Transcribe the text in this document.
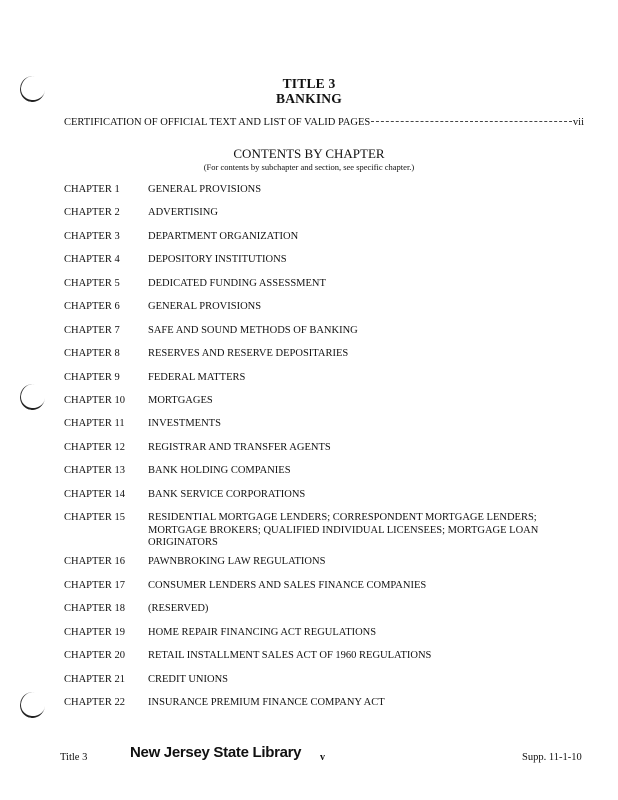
TITLE 3
BANKING
CERTIFICATION OF OFFICIAL TEXT AND LIST OF VALID PAGES	vii
CONTENTS BY CHAPTER
(For contents by subchapter and section, see specific chapter.)
CHAPTER 1	GENERAL PROVISIONS
CHAPTER 2	ADVERTISING
CHAPTER 3	DEPARTMENT ORGANIZATION
CHAPTER 4	DEPOSITORY INSTITUTIONS
CHAPTER 5	DEDICATED FUNDING ASSESSMENT
CHAPTER 6	GENERAL PROVISIONS
CHAPTER 7	SAFE AND SOUND METHODS OF BANKING
CHAPTER 8	RESERVES AND RESERVE DEPOSITARIES
CHAPTER 9	FEDERAL MATTERS
CHAPTER 10	MORTGAGES
CHAPTER 11	INVESTMENTS
CHAPTER 12	REGISTRAR AND TRANSFER AGENTS
CHAPTER 13	BANK HOLDING COMPANIES
CHAPTER 14	BANK SERVICE CORPORATIONS
CHAPTER 15	RESIDENTIAL MORTGAGE LENDERS; CORRESPONDENT MORTGAGE LENDERS; MORTGAGE BROKERS; QUALIFIED INDIVIDUAL LICENSEES; MORTGAGE LOAN ORIGINATORS
CHAPTER 16	PAWNBROKING LAW REGULATIONS
CHAPTER 17	CONSUMER LENDERS AND SALES FINANCE COMPANIES
CHAPTER 18	(RESERVED)
CHAPTER 19	HOME REPAIR FINANCING ACT REGULATIONS
CHAPTER 20	RETAIL INSTALLMENT SALES ACT OF 1960 REGULATIONS
CHAPTER 21	CREDIT UNIONS
CHAPTER 22	INSURANCE PREMIUM FINANCE COMPANY ACT
Title 3	New Jersey State Library v	Supp. 11-1-10
